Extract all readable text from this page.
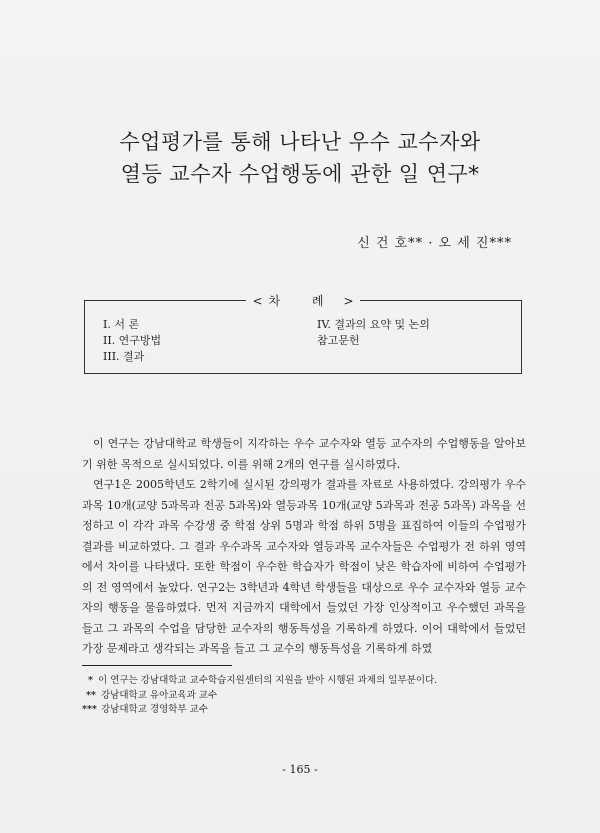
수업평가를 통해 나타난 우수 교수자와
열등 교수자 수업행동에 관한 일 연구*
신 건 호** · 오 세 진***
< 차 례 >
I. 서 론
II. 연구방법
III. 결과
IV. 결과의 요약 및 논의
참고문헌

이 연구는 강남대학교 학생들이 지각하는 우수 교수자와 열등 교수자의 수업행동을 알아보기 위한 목적으로 실시되었다. 이를 위해 2개의 연구를 실시하였다.

연구1은 2005학년도 2학기에 실시된 강의평가 결과를 자료로 사용하였다. 강의평가 우수과목 10개(교양 5과목과 전공 5과목)와 열등과목 10개(교양 5과목과 전공 5과목) 과목을 선정하고 이 각각 과목 수강생 중 학점 상위 5명과 학점 하위 5명을 표집하여 이들의 수업평가 결과를 비교하였다. 그 결과 우수과목 교수자와 열등과목 교수자들은 수업평가 전 하위 영역에서 차이를 나타냈다. 또한 학점이 우수한 학습자가 학점이 낮은 학습자에 비하여 수업평가의 전 영역에서 높았다. 연구2는 3학년과 4학년 학생들을 대상으로 우수 교수자와 열등 교수자의 행동을 물음하였다. 먼저 지금까지 대학에서 들었던 가장 인상적이고 우수했던 과목을 들고 그 과목의 수업을 담당한 교수자의 행동특성을 기록하게 하였다. 이어 대학에서 들었던 가장 문제라고 생각되는 과목을 들고 그 교수의 행동특성을 기록하게 하였

* 이 연구는 강남대학교 교수학습지원센터의 지원을 받아 시행된 과제의 일부분이다.
** 강남대학교 유아교육과 교수
*** 강남대학교 경영학부 교수
- 165 -
